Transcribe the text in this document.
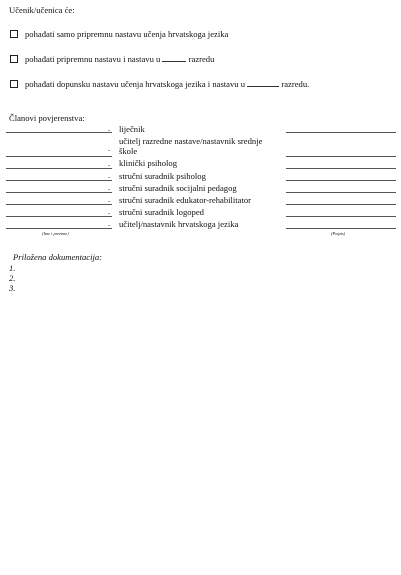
Učenik/učenica će:
pohađati samo pripremnu nastavu učenja hrvatskoga jezika
pohađati pripremnu nastavu i nastavu u	razredu
pohađati dopunsku nastavu učenja hrvatskoga jezika i nastavu u	razredu.
Članovi povjerenstva:
. liječnik
.
učitelj razredne nastave/nastavnik srednje škole
. klinički psiholog
. stručni suradnik psiholog
. stručni suradnik socijalni pedagog
. stručni suradnik edukator-rehabilitator
. stručni suradnik logoped
. učitelj/nastavnik hrvatskoga jezika
(Ime i prezime)	(Potpis)
Priložena dokumentacija:
1.
2.
3.
